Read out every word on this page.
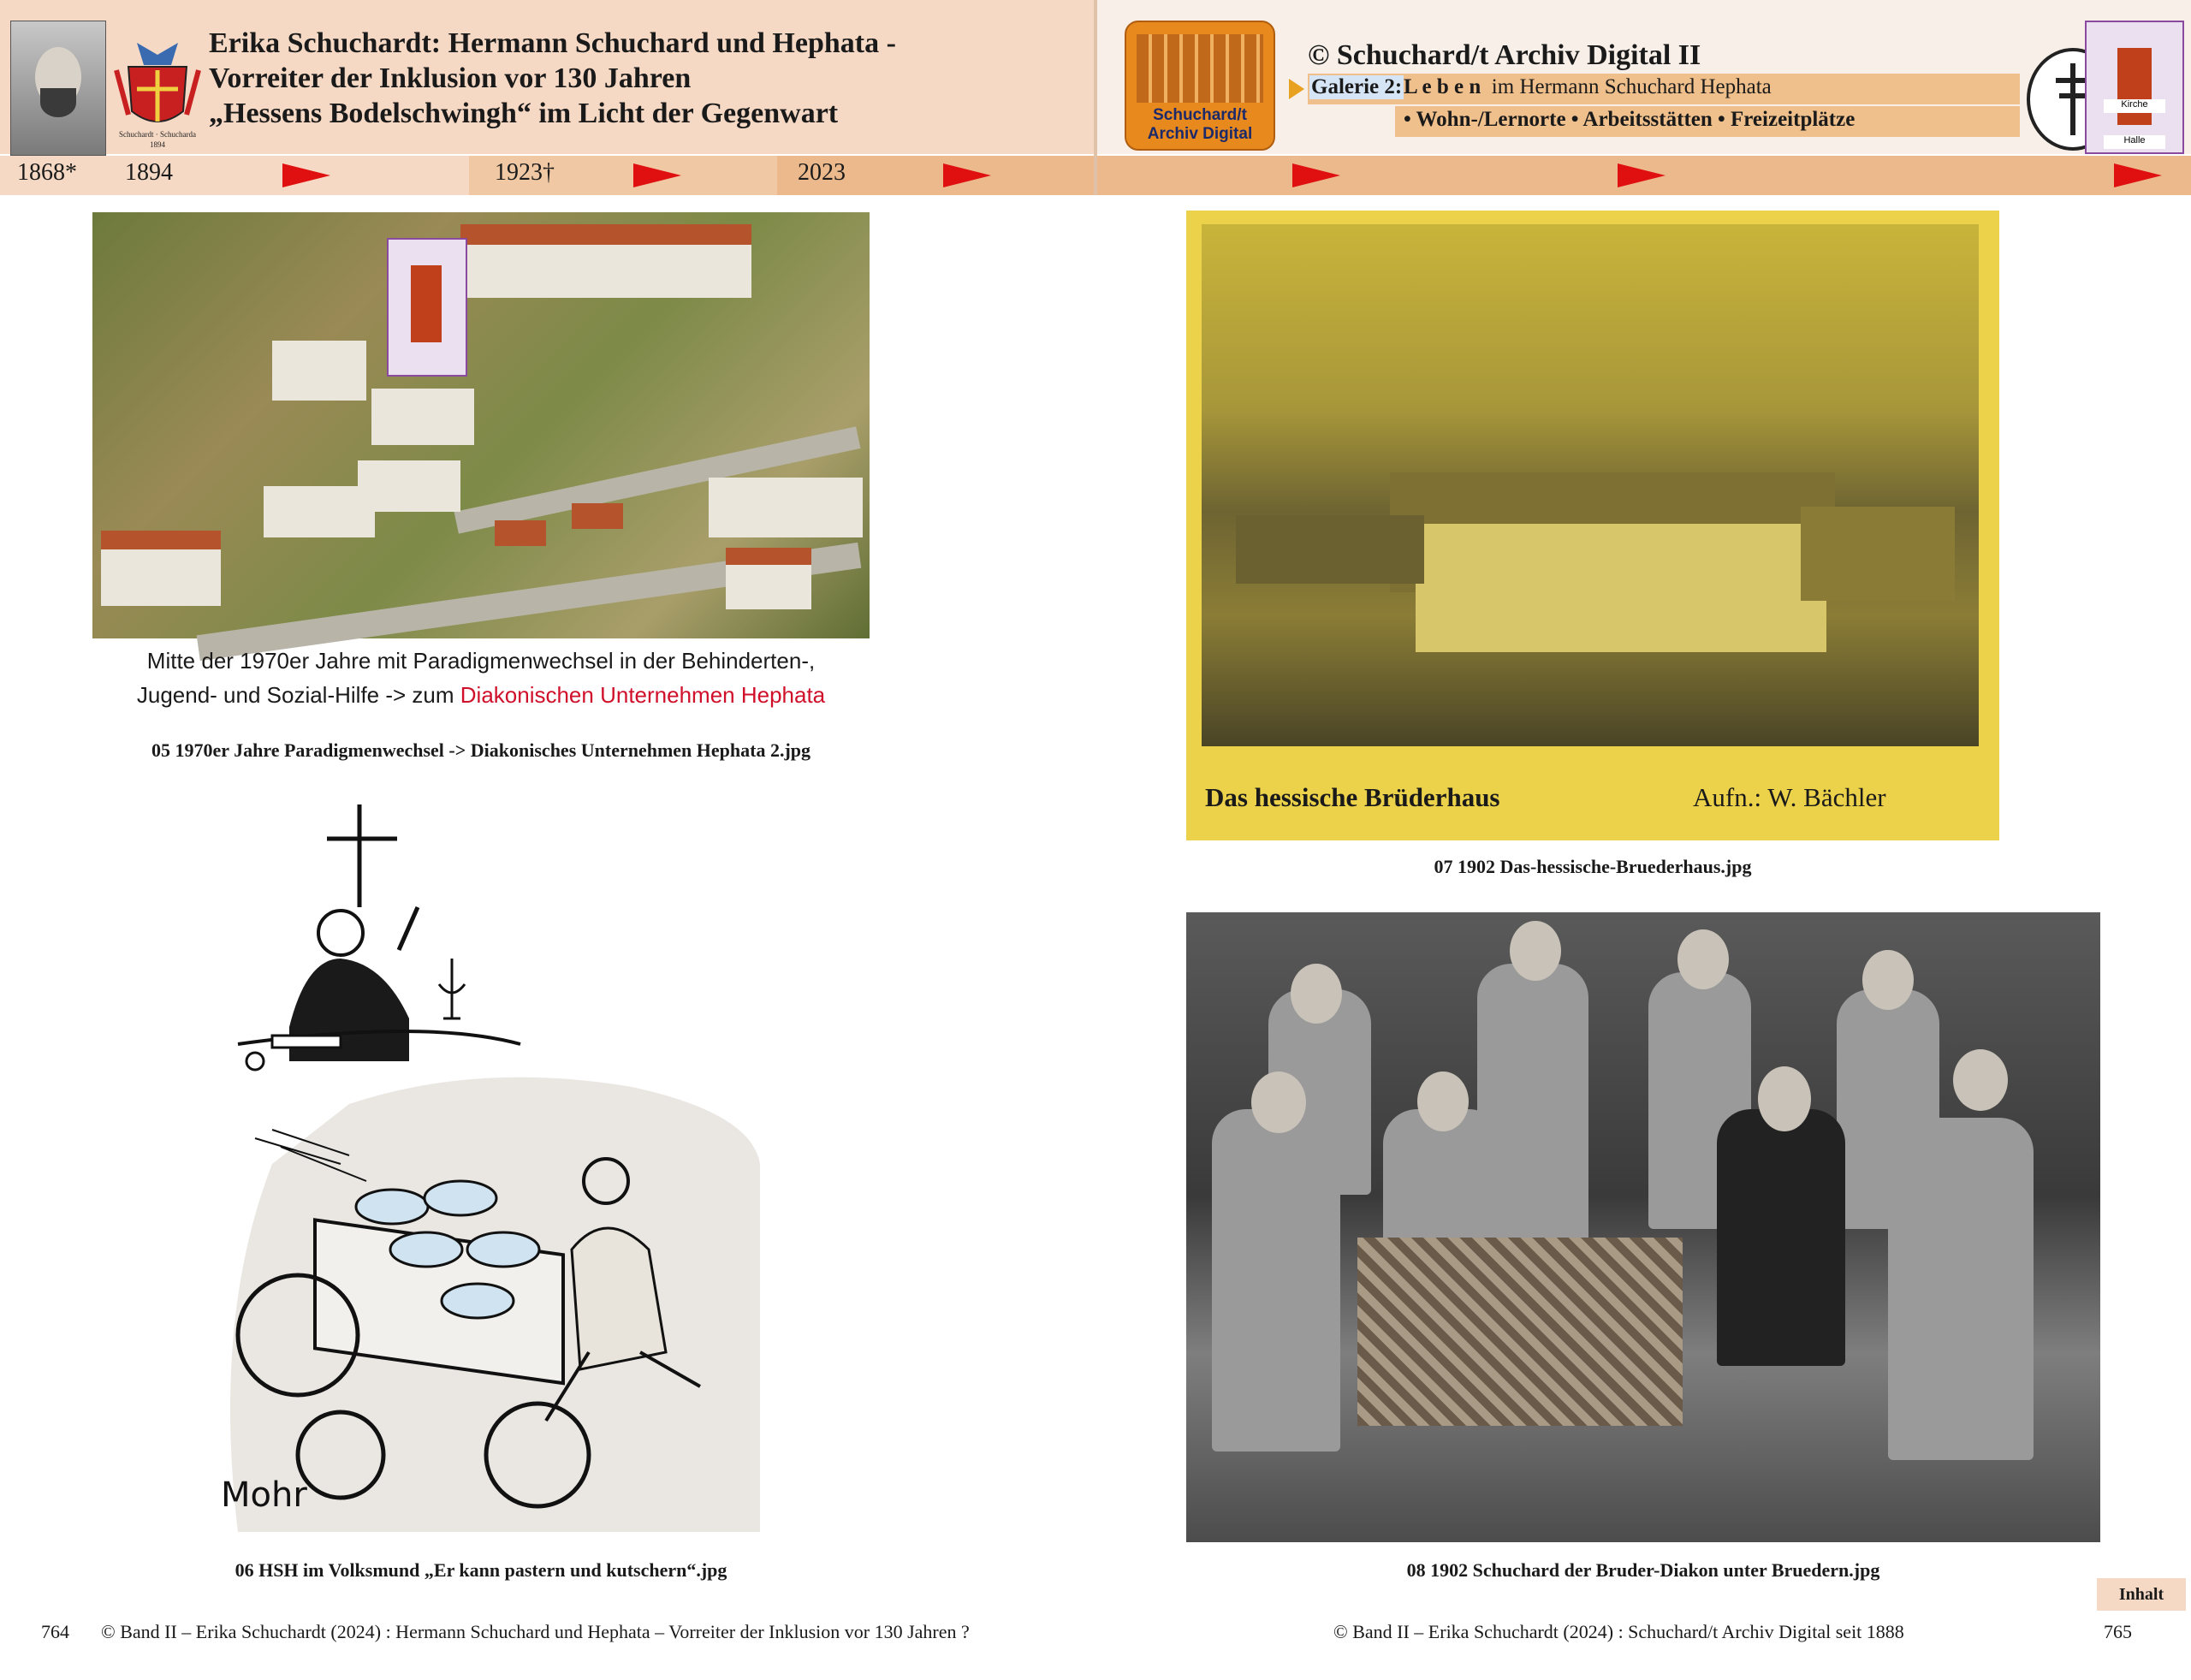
Schuchardt · Schucharda
1894
Erika Schuchardt: Hermann Schuchard und Hephata -
Vorreiter der Inklusion vor 130 Jahren
„Hessens Bodelschwingh“ im Licht der Gegenwart
1868* 1894	1923†	2023
Schuchard/t
Archiv Digital
© Schuchard/t Archiv Digital II
Galerie 2: L e b e n im Hermann Schuchard Hephata
• Wohn-/Lernorte • Arbeitsstätten • Freizeitplätze
Kirche
Halle
Mitte der 1970er Jahre mit Paradigmenwechsel in der Behinderten-,
Jugend- und Sozial-Hilfe -> zum Diakonischen Unternehmen Hephata
05 1970er Jahre Paradigmenwechsel -> Diakonisches Unternehmen Hephata 2.jpg
Mohr
06 HSH im Volksmund „Er kann pastern und kutschern“.jpg
Das hessische Brüderhaus	Aufn.: W. Bächler
07 1902 Das-hessische-Bruederhaus.jpg
08 1902 Schuchard der Bruder-Diakon unter Bruedern.jpg
Inhalt
764 © Band II – Erika Schuchardt (2024) : Hermann Schuchard und Hephata – Vorreiter der Inklusion vor 130 Jahren ?	© Band II – Erika Schuchardt (2024) : Schuchard/t Archiv Digital seit 1888	765
